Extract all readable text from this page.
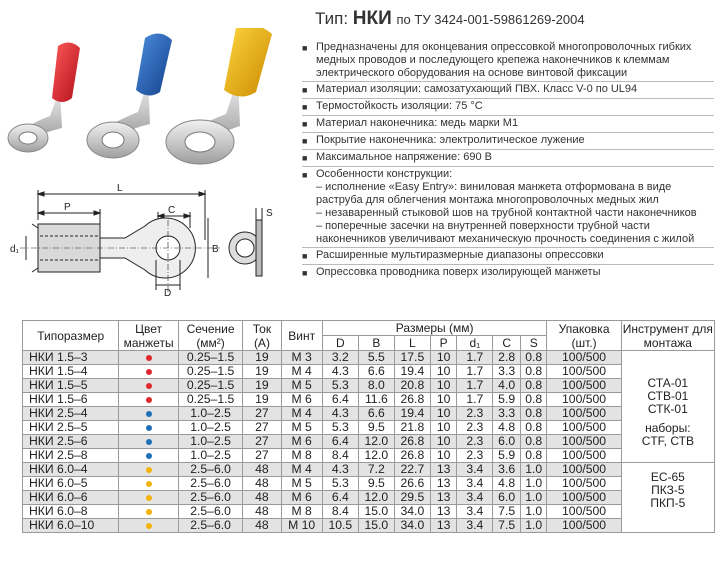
Тип: НКИ по ТУ 3424-001-59861269-2004
L
P	C	S
d₁	B
D
■ Предназначены для оконцевания опрессовкой многопроволочных гибких медных проводов и последующего крепежа наконечников к клеммам электрического оборудования на основе винтовой фиксации
■ Материал изоляции: самозатухающий ПВХ. Класс V-0 по UL94
■ Термостойкость изоляции: 75 °С
■ Материал наконечника: медь марки М1
■ Покрытие наконечника: электролитическое лужение
■ Максимальное напряжение: 690 В
■ Особенности конструкции:
– исполнение «Easy Entry»: виниловая манжета отформована в виде раструба для облегчения монтажа многопроволочных медных жил
– незаваренный стыковой шов на трубной контактной части наконечников
– поперечные засечки на внутренней поверхности трубной части наконечников увеличивают механическую прочность соединения с жилой
■ Расширенные мультиразмерные диапазоны опрессовки
■ Опрессовка проводника поверх изолирующей манжеты
Типоразмер	Цвет манжеты	Сечение (мм²)	Ток (А)	Винт	Размеры (мм)							Упаковка (шт.)	Инструмент для монтажа
					D	B	L	P	d₁	C	S		
НКИ 1.5–3		0.25–1.5	19	М 3	3.2	5.5	17.5	10	1.7	2.8	0.8	100/500	СТА-01
СТВ-01
СТК-01
наборы:
CTF, СТВ

НКИ 1.5–4		0.25–1.5	19	М 4	4.3	6.6	19.4	10	1.7	3.3	0.8	100/500	
НКИ 1.5–5		0.25–1.5	19	М 5	5.3	8.0	20.8	10	1.7	4.0	0.8	100/500	
НКИ 1.5–6		0.25–1.5	19	М 6	6.4	11.6	26.8	10	1.7	5.9	0.8	100/500	
НКИ 2.5–4		1.0–2.5	27	М 4	4.3	6.6	19.4	10	2.3	3.3	0.8	100/500	
НКИ 2.5–5		1.0–2.5	27	М 5	5.3	9.5	21.8	10	2.3	4.8	0.8	100/500	
НКИ 2.5–6		1.0–2.5	27	М 6	6.4	12.0	26.8	10	2.3	6.0	0.8	100/500	
НКИ 2.5–8		1.0–2.5	27	М 8	8.4	12.0	26.8	10	2.3	5.9	0.8	100/500	
НКИ 6.0–4		2.5–6.0	48	М 4	4.3	7.2	22.7	13	3.4	3.6	1.0	100/500	ЕС-65
ПКЗ-5
ПКП-5

НКИ 6.0–5		2.5–6.0	48	М 5	5.3	9.5	26.6	13	3.4	4.8	1.0	100/500	
НКИ 6.0–6		2.5–6.0	48	М 6	6.4	12.0	29.5	13	3.4	6.0	1.0	100/500	
НКИ 6.0–8		2.5–6.0	48	М 8	8.4	15.0	34.0	13	3.4	7.5	1.0	100/500	
НКИ 6.0–10		2.5–6.0	48	М 10	10.5	15.0	34.0	13	3.4	7.5	1.0	100/500	
